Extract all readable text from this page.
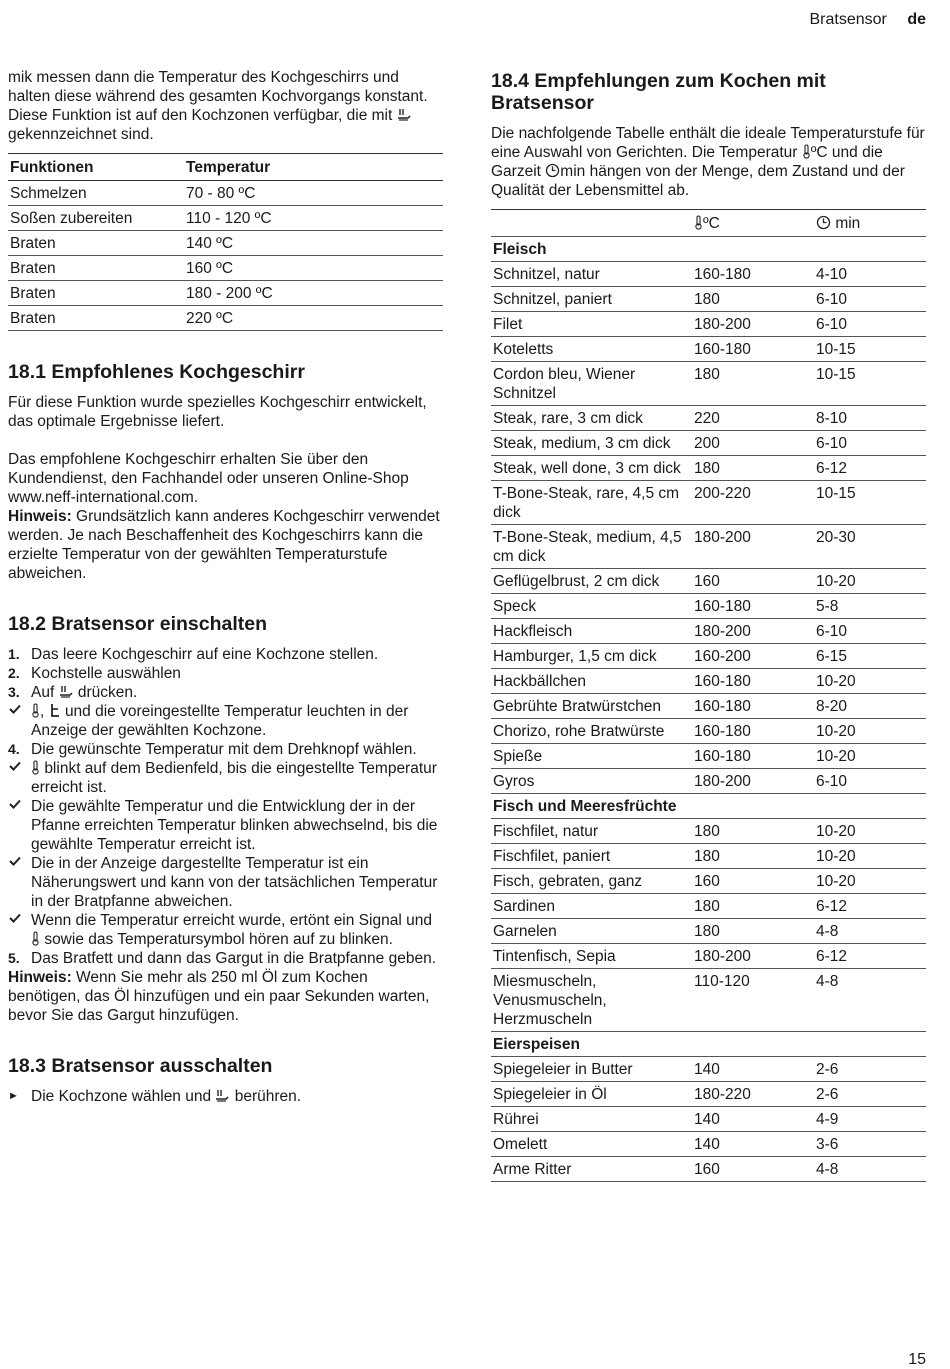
Bratsensor de

mik messen dann die Temperatur des Kochgeschirrs und halten diese während des gesamten Kochvorgangs konstant.

Diese Funktion ist auf den Kochzonen verfügbar, die mit  gekennzeichnet sind.

Funktionen	Temperatur
Schmelzen	70 - 80 ºC
Soßen zubereiten	110 - 120 ºC
Braten	140 ºC
Braten	160 ºC
Braten	180 - 200 ºC
Braten	220 ºC
18.1 Empfohlenes Kochgeschirr

Für diese Funktion wurde spezielles Kochgeschirr entwickelt, das optimale Ergebnisse liefert.

Das empfohlene Kochgeschirr erhalten Sie über den Kundendienst, den Fachhandel oder unseren Online-Shop www.neff-international.com.

Hinweis: Grundsätzlich kann anderes Kochgeschirr verwendet werden. Je nach Beschaffenheit des Kochgeschirrs kann die erzielte Temperatur von der gewählten Temperaturstufe abweichen.

18.2 Bratsensor einschalten
1. Das leere Kochgeschirr auf eine Kochzone stellen.
2. Kochstelle auswählen
3. Auf drücken.
,  und die voreingestellte Temperatur leuchten in der Anzeige der gewählten Kochzone.
4. Die gewünschte Temperatur mit dem Drehknopf wählen.
blinkt auf dem Bedienfeld, bis die eingestellte Temperatur erreicht ist.
Die gewählte Temperatur und die Entwicklung der in der Pfanne erreichten Temperatur blinken abwechselnd, bis die gewählte Temperatur erreicht ist.
Die in der Anzeige dargestellte Temperatur ist ein Näherungswert und kann von der tatsächlichen Temperatur in der Bratpfanne abweichen.
Wenn die Temperatur erreicht wurde, ertönt ein Signal und  sowie das Temperatursymbol hören auf zu blinken.
5. Das Bratfett und dann das Gargut in die Bratpfanne geben.

Hinweis: Wenn Sie mehr als 250 ml Öl zum Kochen benötigen, das Öl hinzufügen und ein paar Sekunden warten, bevor Sie das Gargut hinzufügen.

18.3 Bratsensor ausschalten
► Die Kochzone wählen und berühren.
18.4 Empfehlungen zum Kochen mit Bratsensor

Die nachfolgende Tabelle enthält die ideale Temperaturstufe für eine Auswahl von Gerichten. Die Temperatur ºC und die Garzeit min hängen von der Menge, dem Zustand und der Qualität der Lebensmittel ab.

	ºC	min
Fleisch		
Schnitzel, natur	160-180	4-10
Schnitzel, paniert	180	6-10
Filet	180-200	6-10
Koteletts	160-180	10-15
Cordon bleu, Wiener Schnitzel	180	10-15
Steak, rare, 3 cm dick	220	8-10
Steak, medium, 3 cm dick	200	6-10
Steak, well done, 3 cm dick	180	6-12
T-Bone-Steak, rare, 4,5 cm dick	200-220	10-15
T-Bone-Steak, medium, 4,5 cm dick	180-200	20-30
Geflügelbrust, 2 cm dick	160	10-20
Speck	160-180	5-8
Hackfleisch	180-200	6-10
Hamburger, 1,5 cm dick	160-200	6-15
Hackbällchen	160-180	10-20
Gebrühte Bratwürstchen	160-180	8-20
Chorizo, rohe Bratwürste	160-180	10-20
Spieße	160-180	10-20
Gyros	180-200	6-10
Fisch und Meeresfrüchte		
Fischfilet, natur	180	10-20
Fischfilet, paniert	180	10-20
Fisch, gebraten, ganz	160	10-20
Sardinen	180	6-12
Garnelen	180	4-8
Tintenfisch, Sepia	180-200	6-12
Miesmuscheln, Venusmuscheln, Herzmuscheln	110-120	4-8
Eierspeisen		
Spiegeleier in Butter	140	2-6
Spiegeleier in Öl	180-220	2-6
Rührei	140	4-9
Omelett	140	3-6
Arme Ritter	160	4-8
15
